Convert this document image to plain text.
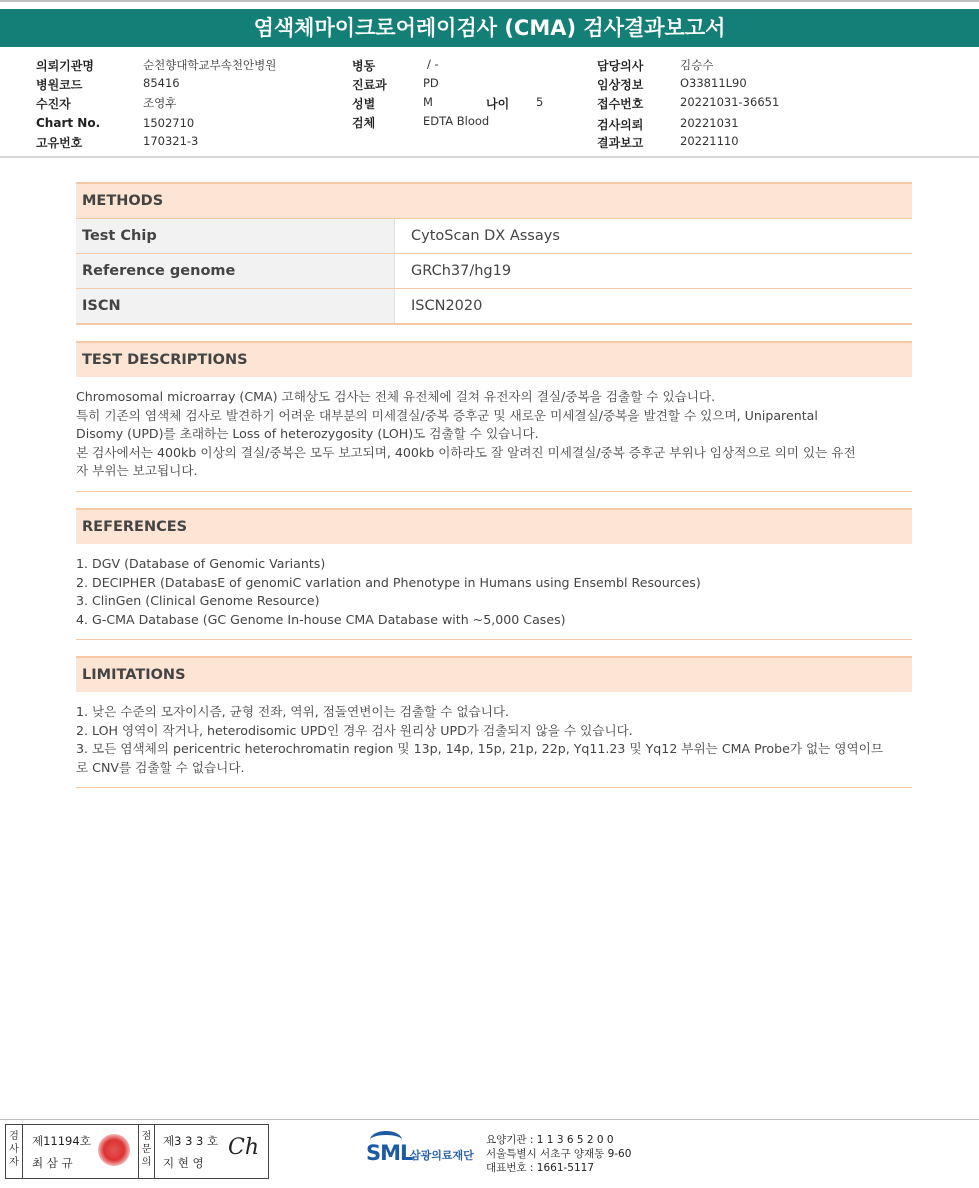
염색체마이크로어레이검사 (CMA) 검사결과보고서
의뢰기관명	순천향대학교부속천안병원
병원코드	85416
수진자	조영후
Chart No.	1502710
고유번호	170321-3
병동	/ -
진료과	PD
성별	M	나이 5
검체	EDTA Blood
담당의사	김승수
임상정보	O33811L90
접수번호	20221031-36651
검사의뢰	20221031
결과보고	20221110
METHODS
Test Chip	CytoScan DX Assays
Reference genome	GRCh37/hg19
ISCN	ISCN2020
TEST DESCRIPTIONS
Chromosomal microarray (CMA) 고해상도 검사는 전체 유전체에 걸쳐 유전자의 결실/중복을 검출할 수 있습니다.
특히 기존의 염색체 검사로 발견하기 어려운 대부분의 미세결실/중복 증후군 및 새로운 미세결실/중복을 발견할 수 있으며, Uniparental
Disomy (UPD)를 초래하는 Loss of heterozygosity (LOH)도 검출할 수 있습니다.
본 검사에서는 400kb 이상의 결실/중복은 모두 보고되며, 400kb 이하라도 잘 알려진 미세결실/중복 증후군 부위나 임상적으로 의미 있는 유전
자 부위는 보고됩니다.
REFERENCES
1. DGV (Database of Genomic Variants)
2. DECIPHER (DatabasE of genomiC varIation and Phenotype in Humans using Ensembl Resources)
3. ClinGen (Clinical Genome Resource)
4. G-CMA Database (GC Genome In-house CMA Database with ~5,000 Cases)
LIMITATIONS
1. 낮은 수준의 모자이시즘, 균형 전좌, 역위, 점돌연변이는 검출할 수 없습니다.
2. LOH 영역이 작거나, heterodisomic UPD인 경우 검사 원리상 UPD가 검출되지 않을 수 있습니다.
3. 모든 염색체의 pericentric heterochromatin region 및 13p, 14p, 15p, 21p, 22p, Yq11.23 및 Yq12 부위는 CMA Probe가 없는 영역이므
로 CNV를 검출할 수 없습니다.
검
사
자
제11194호
최 삼 규
점
문
의
제3 3 3 호
지 현 영
Ch	SML
삼광의료재단
요양기관 : 1 1 3 6 5 2 0 0
서울특별시 서초구 양재동 9-60
대표번호 : 1661-5117
